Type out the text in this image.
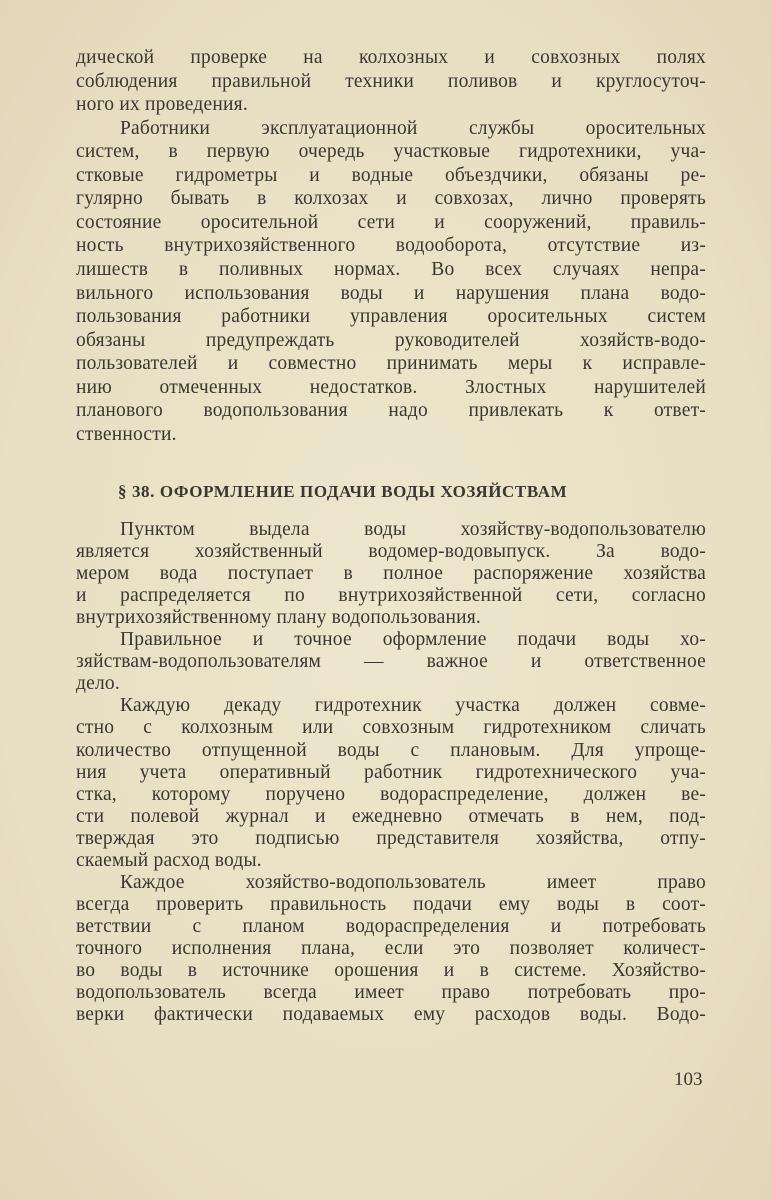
дической проверке на колхозных и совхозных полях
соблюдения правильной техники поливов и круглосуточ-
ного их проведения.
Работники эксплуатационной службы оросительных
систем, в первую очередь участковые гидротехники, уча-
стковые гидрометры и водные объездчики, обязаны ре-
гулярно бывать в колхозах и совхозах, лично проверять
состояние оросительной сети и сооружений, правиль-
ность внутрихозяйственного водооборота, отсутствие из-
лишеств в поливных нормах. Во всех случаях непра-
вильного использования воды и нарушения плана водо-
пользования работники управления оросительных систем
обязаны предупреждать руководителей хозяйств-водо-
пользователей и совместно принимать меры к исправле-
нию отмеченных недостатков. Злостных нарушителей
планового водопользования надо привлекать к ответ-
ственности.
§ 38. ОФОРМЛЕНИЕ ПОДАЧИ ВОДЫ ХОЗЯЙСТВАМ
Пунктом выдела воды хозяйству-водопользователю
является хозяйственный водомер-водовыпуск. За водо-
мером вода поступает в полное распоряжение хозяйства
и распределяется по внутрихозяйственной сети, согласно
внутрихозяйственному плану водопользования.
Правильное и точное оформление подачи воды хо-
зяйствам-водопользователям — важное и ответственное
дело.
Каждую декаду гидротехник участка должен совме-
стно с колхозным или совхозным гидротехником сличать
количество отпущенной воды с плановым. Для упроще-
ния учета оперативный работник гидротехнического уча-
стка, которому поручено водораспределение, должен ве-
сти полевой журнал и ежедневно отмечать в нем, под-
тверждая это подписью представителя хозяйства, отпу-
скаемый расход воды.
Каждое хозяйство-водопользователь имеет право
всегда проверить правильность подачи ему воды в соот-
ветствии с планом водораспределения и потребовать
точного исполнения плана, если это позволяет количест-
во воды в источнике орошения и в системе. Хозяйство-
водопользователь всегда имеет право потребовать про-
верки фактически подаваемых ему расходов воды. Водо-
103
